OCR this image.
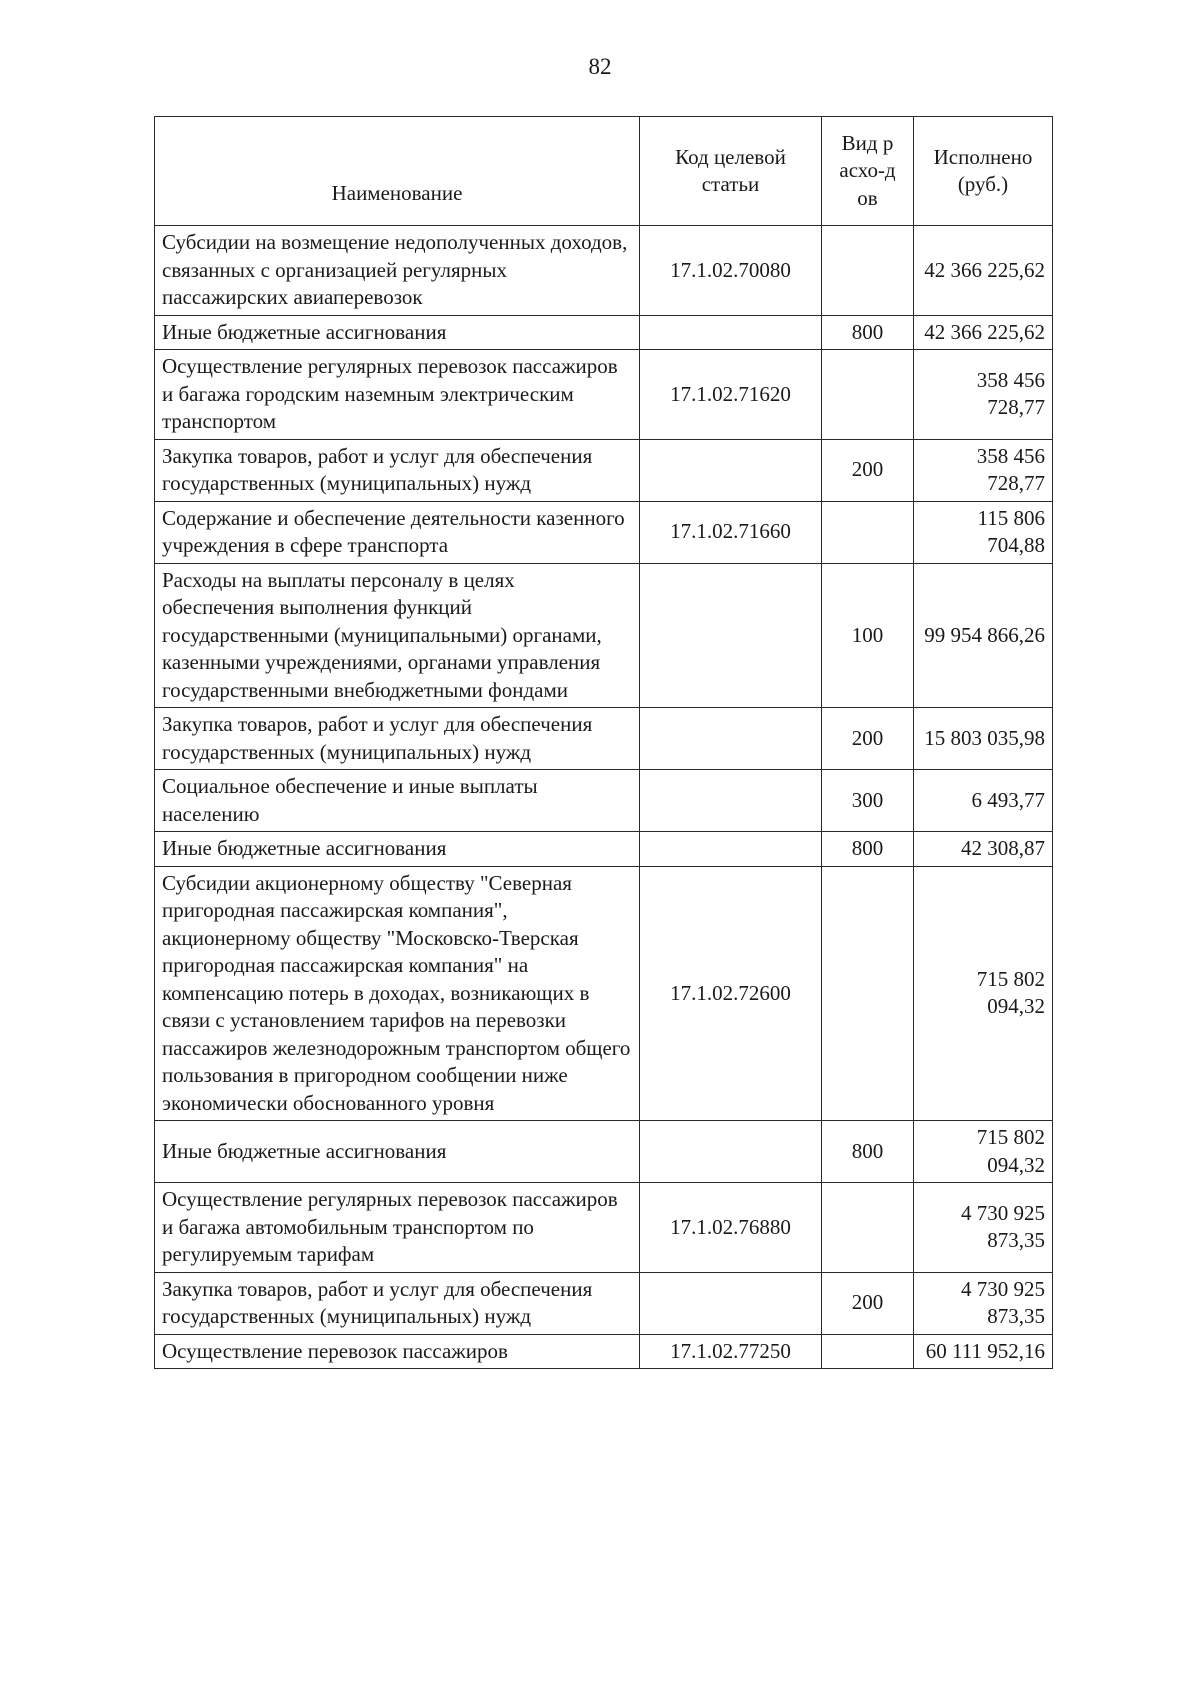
82
Наименование	Код целевой статьи	Вид расхо-дов	Исполнено (руб.)
Субсидии на возмещение недополученных доходов, связанных с организацией регулярных пассажирских авиаперевозок	17.1.02.70080		42 366 225,62
Иные бюджетные ассигнования		800	42 366 225,62
Осуществление регулярных перевозок пассажиров и багажа городским наземным электрическим транспортом	17.1.02.71620		358 456 728,77
Закупка товаров, работ и услуг для обеспечения государственных (муниципальных) нужд		200	358 456 728,77
Содержание и обеспечение деятельности казенного учреждения в сфере транспорта	17.1.02.71660		115 806 704,88
Расходы на выплаты персоналу в целях обеспечения выполнения функций государственными (муниципальными) органами, казенными учреждениями, органами управления государственными внебюджетными фондами		100	99 954 866,26
Закупка товаров, работ и услуг для обеспечения государственных (муниципальных) нужд		200	15 803 035,98
Социальное обеспечение и иные выплаты населению		300	6 493,77
Иные бюджетные ассигнования		800	42 308,87
Субсидии акционерному обществу "Северная пригородная пассажирская компания", акционерному обществу "Московско-Тверская пригородная пассажирская компания" на компенсацию потерь в доходах, возникающих в связи с установлением тарифов на перевозки пассажиров железнодорожным транспортом общего пользования в пригородном сообщении ниже экономически обоснованного уровня	17.1.02.72600		715 802 094,32
Иные бюджетные ассигнования		800	715 802 094,32
Осуществление регулярных перевозок пассажиров и багажа автомобильным транспортом по регулируемым тарифам	17.1.02.76880		4 730 925 873,35
Закупка товаров, работ и услуг для обеспечения государственных (муниципальных) нужд		200	4 730 925 873,35
Осуществление перевозок пассажиров	17.1.02.77250		60 111 952,16
